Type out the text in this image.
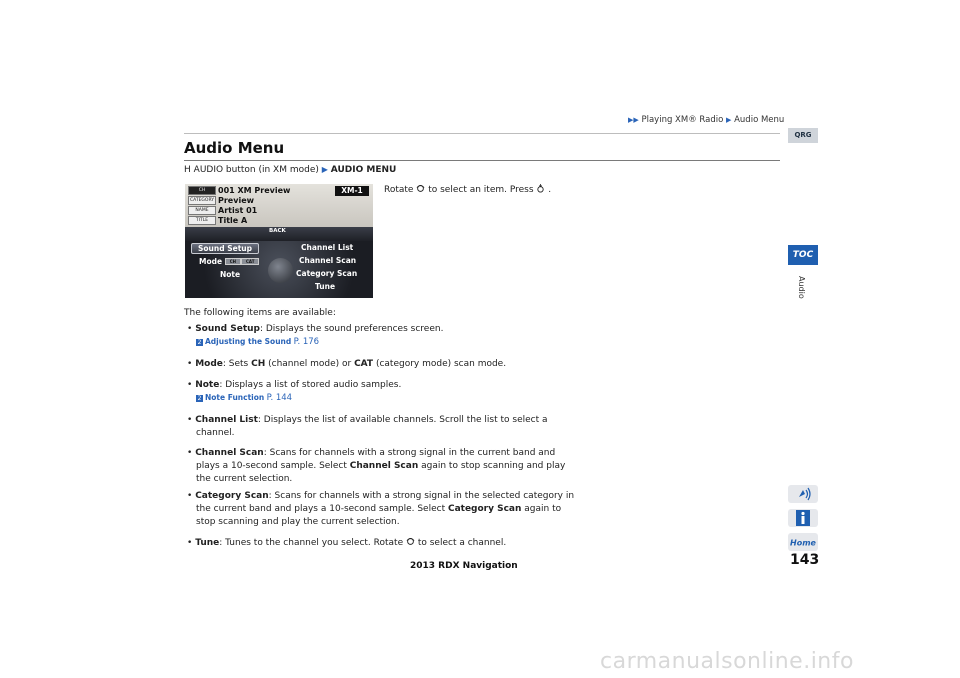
▶▶ Playing XM® Radio ▶ Audio Menu
Audio Menu
H AUDIO button (in XM mode) ▶ AUDIO MENU
Rotate to select an item. Press .
CH
CATEGORY
NAME
TITLE
001 XM Preview
Preview
Artist 01
Title A
XM-1
BACK
Sound Setup
Mode CH	CAT
Note
Channel List
Channel Scan
Category Scan
Tune
The following items are available:
• Sound Setup: Displays the sound preferences screen.
2 Adjusting the Sound P. 176
• Mode: Sets CH (channel mode) or CAT (category mode) scan mode.
• Note: Displays a list of stored audio samples.
2 Note Function P. 144
• Channel List: Displays the list of available channels. Scroll the list to select a
channel.
• Channel Scan: Scans for channels with a strong signal in the current band and
plays a 10-second sample. Select Channel Scan again to stop scanning and play
the current selection.
• Category Scan: Scans for channels with a strong signal in the selected category in
the current band and plays a 10-second sample. Select Category Scan again to
stop scanning and play the current selection.
• Tune: Tunes to the channel you select. Rotate  to select a channel.
QRG
TOC
Audio
Home
143
2013 RDX Navigation
carmanualsonline.info
